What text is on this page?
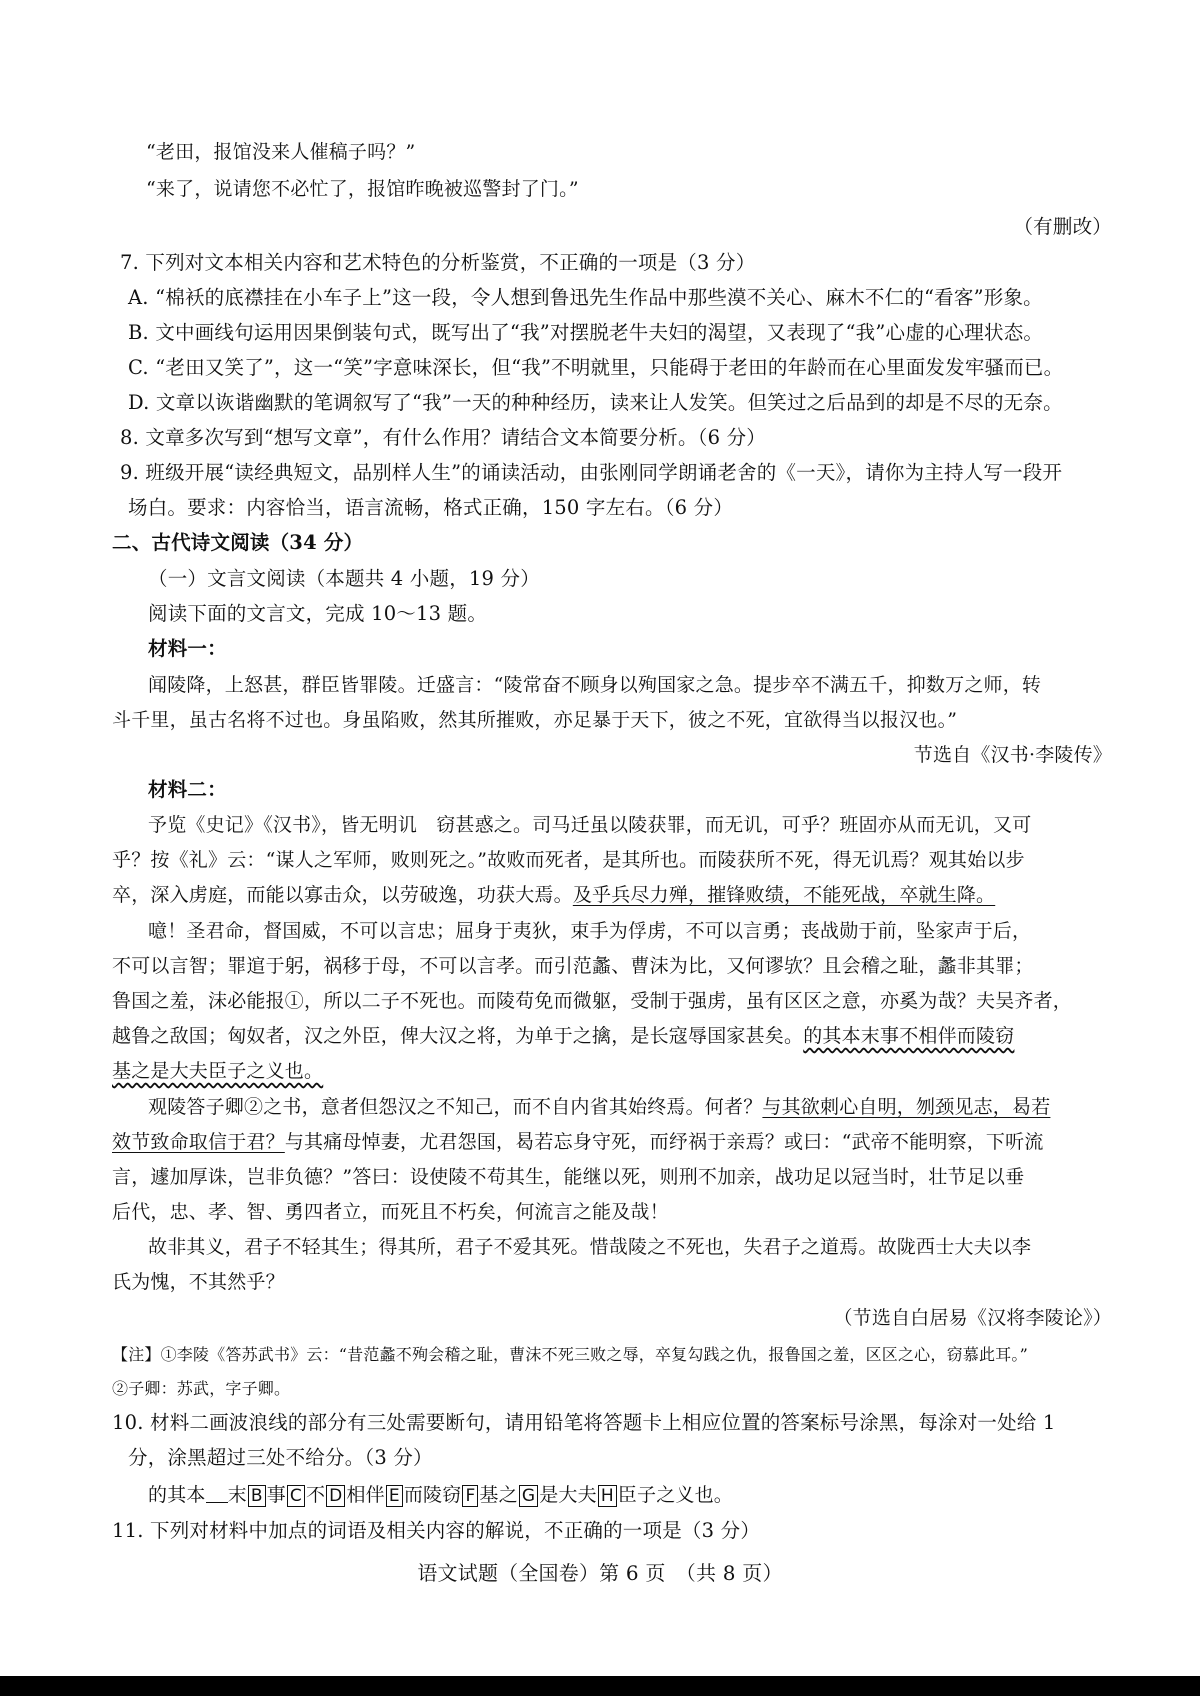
“老田，报馆没来人催稿子吗？”
“来了，说请您不必忙了，报馆昨晚被巡警封了门。”
（有删改）
7. 下列对文本相关内容和艺术特色的分析鉴赏，不正确的一项是（3 分）
A. “棉袄的底襟挂在小车子上”这一段，令人想到鲁迅先生作品中那些漠不关心、麻木不仁的“看客”形象。
B. 文中画线句运用因果倒装句式，既写出了“我”对摆脱老牛夫妇的渴望，又表现了“我”心虚的心理状态。
C. “老田又笑了”，这一“笑”字意味深长，但“我”不明就里，只能碍于老田的年龄而在心里面发发牢骚而已。
D. 文章以诙谐幽默的笔调叙写了“我”一天的种种经历，读来让人发笑。但笑过之后品到的却是不尽的无奈。
8. 文章多次写到“想写文章”，有什么作用？请结合文本简要分析。（6 分）
9. 班级开展“读经典短文，品别样人生”的诵读活动，由张刚同学朗诵老舍的《一天》，请你为主持人写一段开
场白。要求：内容恰当，语言流畅，格式正确，150 字左右。（6 分）
二、古代诗文阅读（34 分）
（一）文言文阅读（本题共 4 小题，19 分）
阅读下面的文言文，完成 10～13 题。
材料一：
闻陵降，上怒甚，群臣皆罪陵。迁盛言：“陵常奋不顾身以殉国家之急。提步卒不满五千，抑数万之师，转
斗千里，虽古名将不过也。身虽陷败，然其所摧败，亦足暴于天下，彼之不死，宜欲得当以报汉也。”
节选自《汉书·李陵传》
材料二：
予览《史记》《汉书》，皆无明讥　窃甚惑之。司马迁虽以陵获罪，而无讥，可乎？班固亦从而无讥，又可
乎？按《礼》云：“谋人之军师，败则死之。”故败而死者，是其所也。而陵获所不死，得无讥焉？观其始以步
卒，深入虏庭，而能以寡击众，以劳破逸，功获大焉。及乎兵尽力殚，摧锋败绩，不能死战，卒就生降。
噫！圣君命，督国威，不可以言忠；屈身于夷狄，束手为俘虏，不可以言勇；丧战勋于前，坠家声于后，
不可以言智；罪逭于躬，祸移于母，不可以言孝。而引范蠡、曹沫为比，又何谬欤？且会稽之耻，蠡非其罪；
鲁国之羞，沫必能报①，所以二子不死也。而陵苟免而微躯，受制于强虏，虽有区区之意，亦奚为哉？夫吴齐者，
越鲁之敌国；匈奴者，汉之外臣，俾大汉之将，为单于之擒，是长寇辱国家甚矣。的其本末事不相伴而陵窃
基之是大夫臣子之义也。
观陵答子卿②之书，意者但怨汉之不知己，而不自内省其始终焉。何者？与其欲刺心自明，刎颈见志，曷若
效节致命取信于君？与其痛母悼妻，尤君怨国，曷若忘身守死，而纾祸于亲焉？或曰：“武帝不能明察，下听流
言，遽加厚诛，岂非负德？”答曰：设使陵不苟其生，能继以死，则刑不加亲，战功足以冠当时，壮节足以垂
后代，忠、孝、智、勇四者立，而死且不朽矣，何流言之能及哉！
故非其义，君子不轻其生；得其所，君子不爱其死。惜哉陵之不死也，失君子之道焉。故陇西士大夫以李
氏为愧，不其然乎？
（节选自白居易《汉将李陵论》）
【注】①李陵《答苏武书》云：“昔范蠡不殉会稽之耻，曹沫不死三败之辱，卒复勾践之仇，报鲁国之羞，区区之心，窃慕此耳。”
②子卿：苏武，字子卿。
10. 材料二画波浪线的部分有三处需要断句，请用铅笔将答题卡上相应位置的答案标号涂黑，每涂对一处给 1
分，涂黑超过三处不给分。（3 分）
的其本 末 B 事 C 不 D 相伴 E 而陵窃 F 基之 G 是大夫 H 臣子之义也。
11. 下列对材料中加点的词语及相关内容的解说，不正确的一项是（3 分）
语文试题（全国卷）第 6 页　（共 8 页）
